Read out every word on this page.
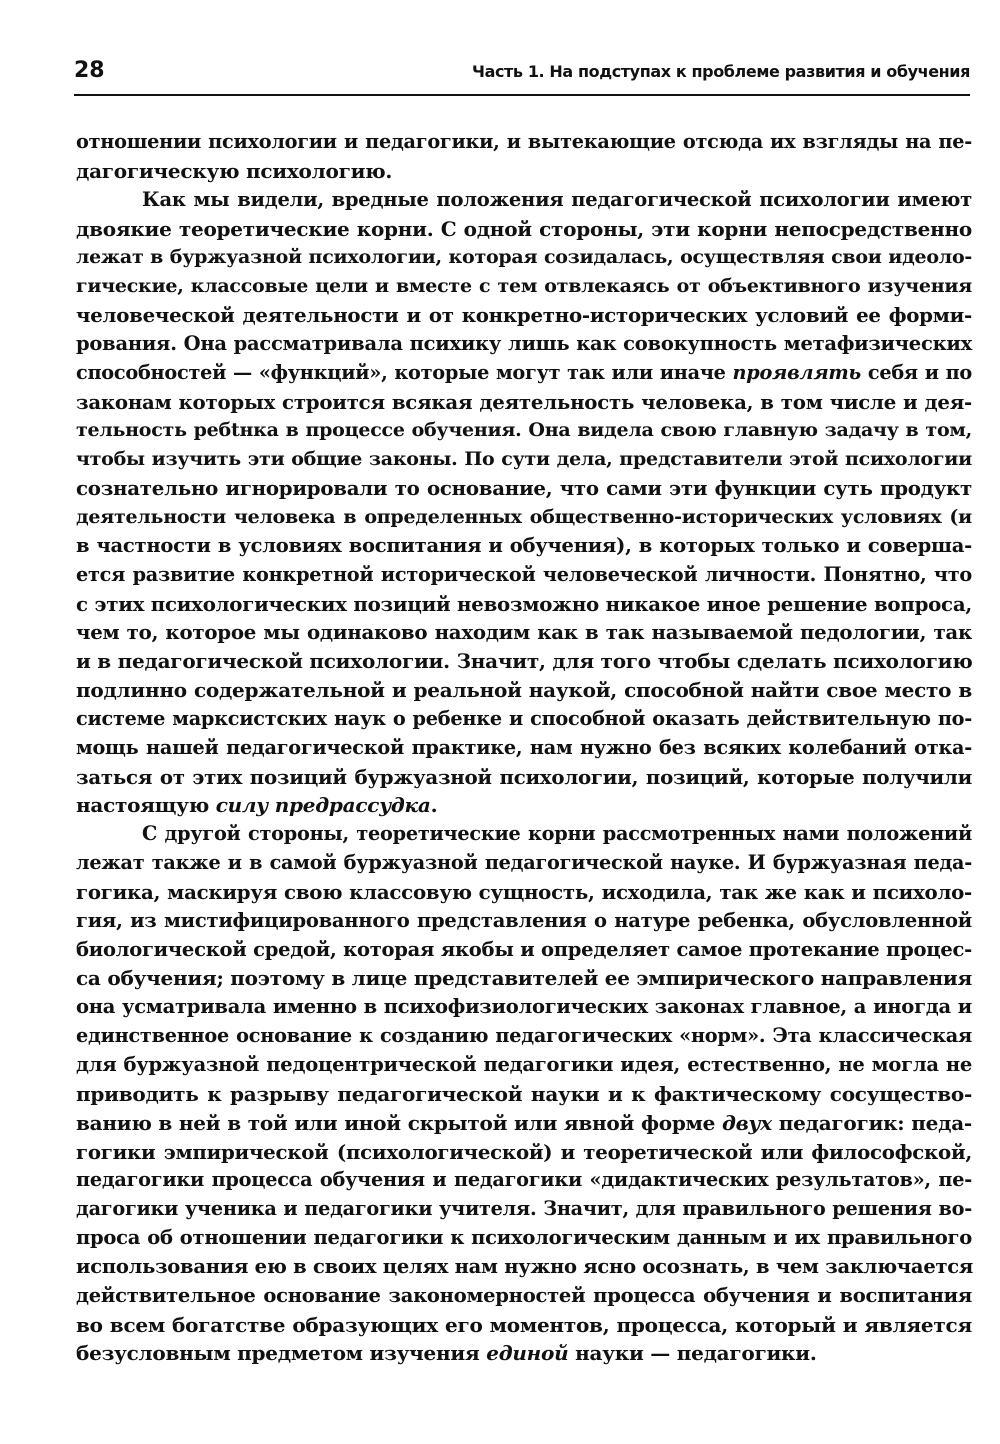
28	Часть 1. На подступах к проблеме развития и обучения
отношении психологии и педагогики, и вытекающие отсюда их взгляды на пе-
дагогическую психологию.
Как мы видели, вредные положения педагогической психологии имеют
двоякие теоретические корни. С одной стороны, эти корни непосредственно
лежат в буржуазной психологии, которая созидалась, осуществляя свои идеоло-
гические, классовые цели и вместе с тем отвлекаясь от объективного изучения
человеческой деятельности и от конкретно-исторических условий ее форми-
рования. Она рассматривала психику лишь как совокупность метафизических
способностей — «функций», которые могут так или иначе проявлять себя и по
законам которых строится всякая деятельность человека, в том числе и дея-
тельность ребtнка в процессе обучения. Она видела свою главную задачу в том,
чтобы изучить эти общие законы. По сути дела, представители этой психологии
сознательно игнорировали то основание, что сами эти функции суть продукт
деятельности человека в определенных общественно-исторических условиях (и
в частности в условиях воспитания и обучения), в которых только и соверша-
ется развитие конкретной исторической человеческой личности. Понятно, что
с этих психологических позиций невозможно никакое иное решение вопроса,
чем то, которое мы одинаково находим как в так называемой педологии, так
и в педагогической психологии. Значит, для того чтобы сделать психологию
подлинно содержательной и реальной наукой, способной найти свое место в
системе марксистских наук о ребенке и способной оказать действительную по-
мощь нашей педагогической практике, нам нужно без всяких колебаний отка-
заться от этих позиций буржуазной психологии, позиций, которые получили
настоящую силу предрассудка.
С другой стороны, теоретические корни рассмотренных нами положений
лежат также и в самой буржуазной педагогической науке. И буржуазная педа-
гогика, маскируя свою классовую сущность, исходила, так же как и психоло-
гия, из мистифицированного представления о натуре ребенка, обусловленной
биологической средой, которая якобы и определяет самое протекание процес-
са обучения; поэтому в лице представителей ее эмпирического направления
она усматривала именно в психофизиологических законах главное, а иногда и
единственное основание к созданию педагогических «норм». Эта классическая
для буржуазной педоцентрической педагогики идея, естественно, не могла не
приводить к разрыву педагогической науки и к фактическому сосущество-
ванию в ней в той или иной скрытой или явной форме двух педагогик: педа-
гогики эмпирической (психологической) и теоретической или философской,
педагогики процесса обучения и педагогики «дидактических результатов», пе-
дагогики ученика и педагогики учителя. Значит, для правильного решения во-
проса об отношении педагогики к психологическим данным и их правильного
использования ею в своих целях нам нужно ясно осознать, в чем заключается
действительное основание закономерностей процесса обучения и воспитания
во всем богатстве образующих его моментов, процесса, который и является
безусловным предметом изучения единой науки — педагогики.
